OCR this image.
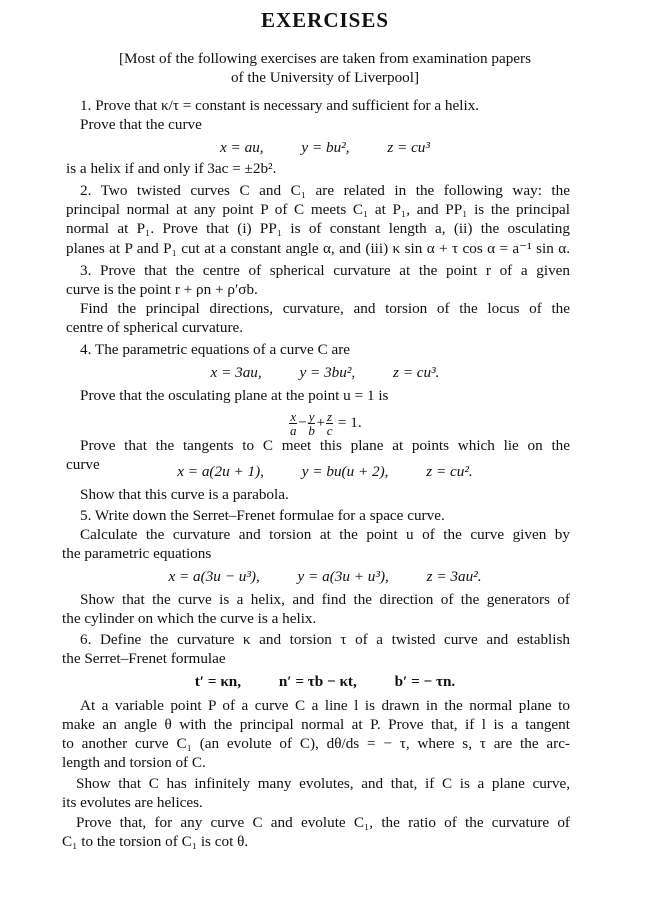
EXERCISES
[Most of the following exercises are taken from examination papers
of the University of Liverpool]
1. Prove that κ/τ = constant is necessary and sufficient for a helix.
Prove that the curve
x = au, y = bu², z = cu³
is a helix if and only if 3ac = ±2b².
2. Two twisted curves C and C₁ are related in the following way: the
principal normal at any point P of C meets C₁ at P₁, and PP₁ is the principal
normal at P₁. Prove that (i) PP₁ is of constant length a, (ii) the osculating
planes at P and P₁ cut at a constant angle α, and (iii) κ sin α + τ cos α = a⁻¹ sin α.
3. Prove that the centre of spherical curvature at the point r of a given
curve is the point r + ρn + ρ′σb.
Find the principal directions, curvature, and torsion of the locus of the
centre of spherical curvature.
4. The parametric equations of a curve C are
x = 3au, y = 3bu², z = cu³.
Prove that the osculating plane at the point u = 1 is
$\frac{x}{a} - \frac{y}{b} + \frac{z}{c} = 1$.
Prove that the tangents to C meet this plane at points which lie on the
curve	x = a(2u + 1), y = bu(u + 2), z = cu².
Show that this curve is a parabola.
5. Write down the Serret–Frenet formulae for a space curve.
Calculate the curvature and torsion at the point u of the curve given by
the parametric equations
x = a(3u − u³), y = a(3u + u³), z = 3au².
Show that the curve is a helix, and find the direction of the generators of
the cylinder on which the curve is a helix.
6. Define the curvature κ and torsion τ of a twisted curve and establish
the Serret–Frenet formulae
t′ = κn, n′ = τb − κt, b′ = − τn.
At a variable point P of a curve C a line l is drawn in the normal plane to
make an angle θ with the principal normal at P. Prove that, if l is a tangent
to another curve C₁ (an evolute of C), dθ/ds = − τ, where s, τ are the arc-
length and torsion of C.
Show that C has infinitely many evolutes, and that, if C is a plane curve,
its evolutes are helices.
Prove that, for any curve C and evolute C₁, the ratio of the curvature of
C₁ to the torsion of C₁ is cot θ.
